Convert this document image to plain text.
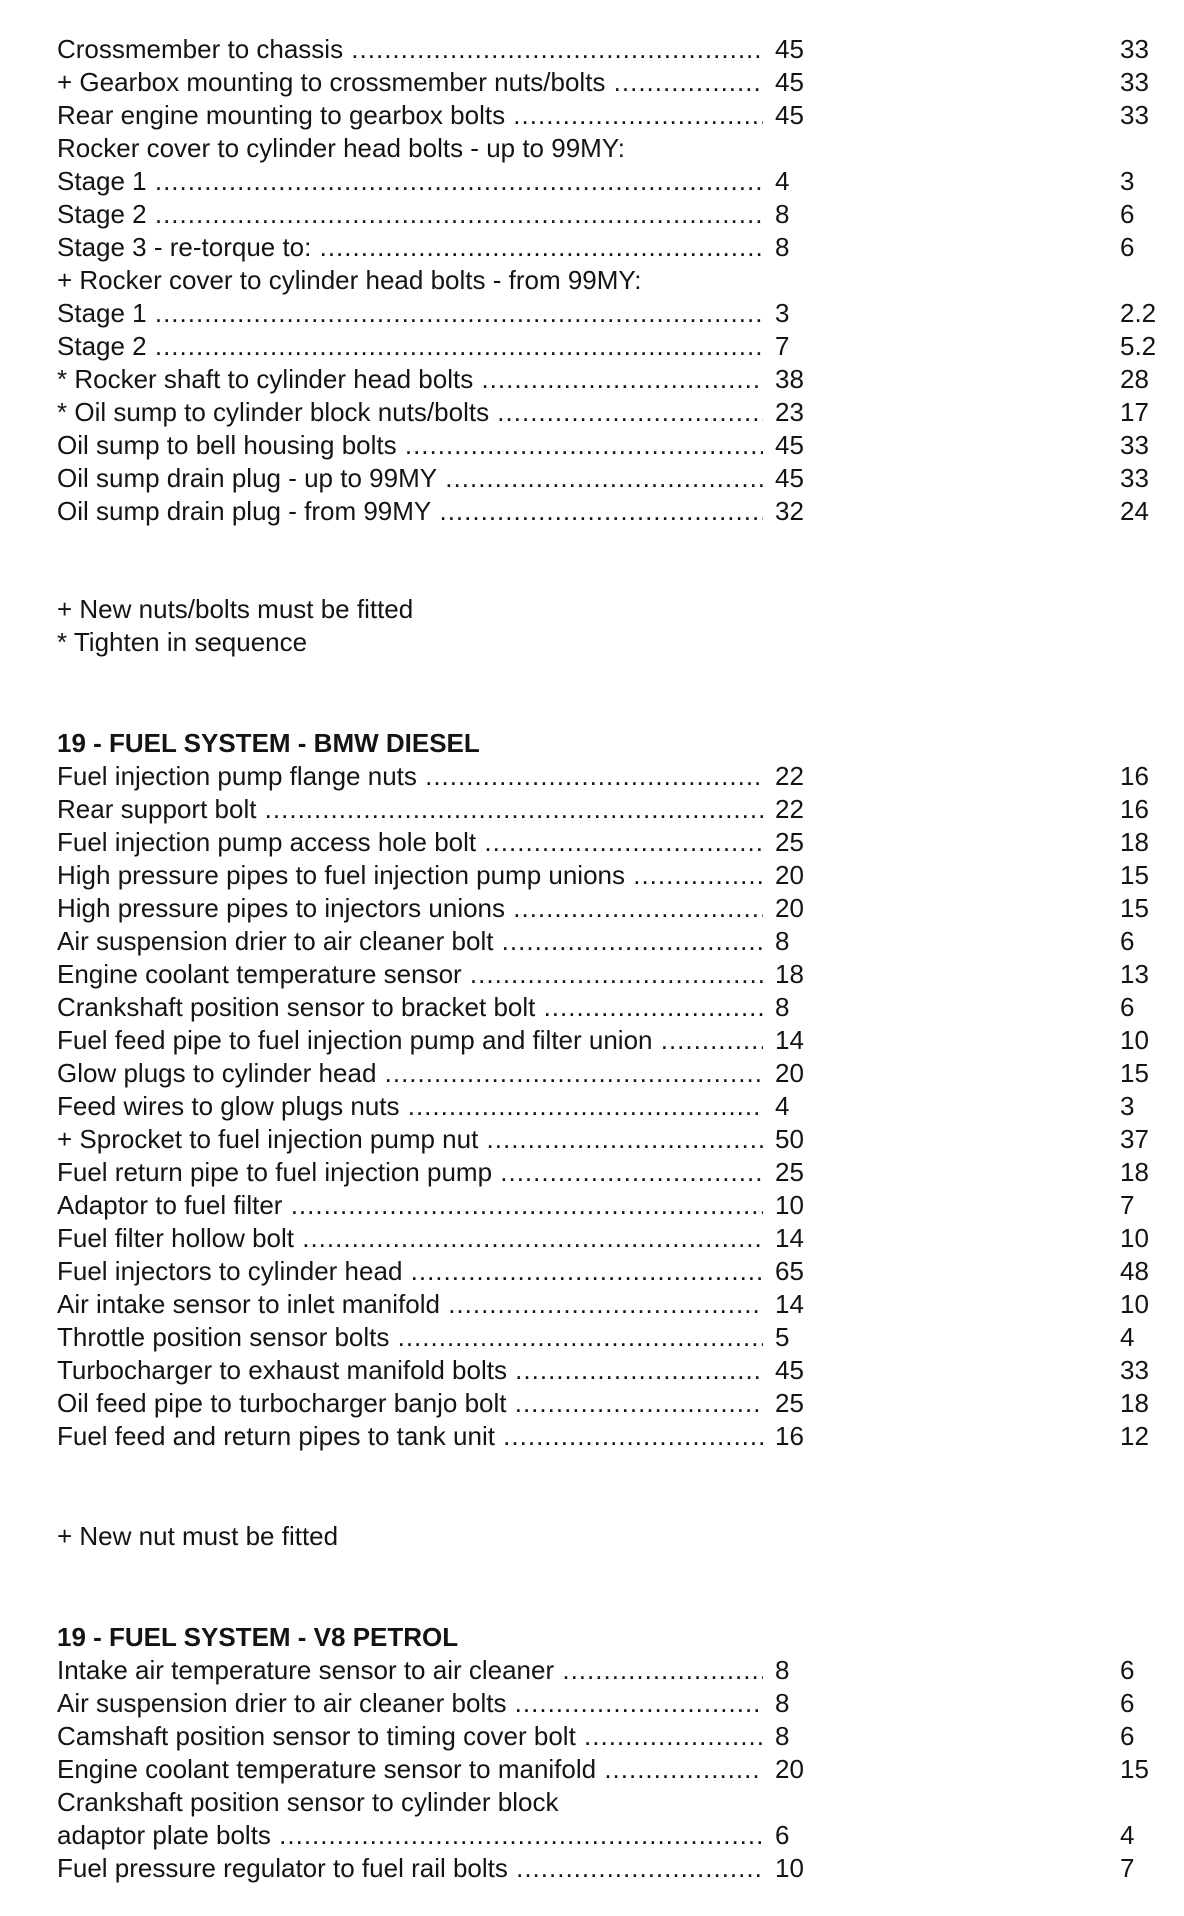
Crossmember to chassis .....	45	33
+ Gearbox mounting to crossmember nuts/bolts .....	45	33
Rear engine mounting to gearbox bolts .....	45	33
Rocker cover to cylinder head bolts - up to 99MY:
Stage 1 .....	4	3
Stage 2 .....	8	6
Stage 3 - re-torque to: .....	8	6
+ Rocker cover to cylinder head bolts - from 99MY:
Stage 1 .....	3	2.2
Stage 2 .....	7	5.2
* Rocker shaft to cylinder head bolts .....	38	28
* Oil sump to cylinder block nuts/bolts .....	23	17
Oil sump to bell housing bolts .....	45	33
Oil sump drain plug - up to 99MY .....	45	33
Oil sump drain plug - from 99MY .....	32	24
+ New nuts/bolts must be fitted
* Tighten in sequence
19 - FUEL SYSTEM - BMW DIESEL
Fuel injection pump flange nuts .....	22	16
Rear support bolt .....	22	16
Fuel injection pump access hole bolt .....	25	18
High pressure pipes to fuel injection pump unions .....	20	15
High pressure pipes to injectors unions .....	20	15
Air suspension drier to air cleaner bolt .....	8	6
Engine coolant temperature sensor .....	18	13
Crankshaft position sensor to bracket bolt .....	8	6
Fuel feed pipe to fuel injection pump and filter union .....	14	10
Glow plugs to cylinder head .....	20	15
Feed wires to glow plugs nuts .....	4	3
+ Sprocket to fuel injection pump nut .....	50	37
Fuel return pipe to fuel injection pump .....	25	18
Adaptor to fuel filter .....	10	7
Fuel filter hollow bolt .....	14	10
Fuel injectors to cylinder head .....	65	48
Air intake sensor to inlet manifold .....	14	10
Throttle position sensor bolts .....	5	4
Turbocharger to exhaust manifold bolts .....	45	33
Oil feed pipe to turbocharger banjo bolt .....	25	18
Fuel feed and return pipes to tank unit .....	16	12
+ New nut must be fitted
19 - FUEL SYSTEM - V8 PETROL
Intake air temperature sensor to air cleaner .....	8	6
Air suspension drier to air cleaner bolts .....	8	6
Camshaft position sensor to timing cover bolt .....	8	6
Engine coolant temperature sensor to manifold .....	20	15
Crankshaft position sensor to cylinder block
adaptor plate bolts .....	6	4
Fuel pressure regulator to fuel rail bolts .....	10	7
